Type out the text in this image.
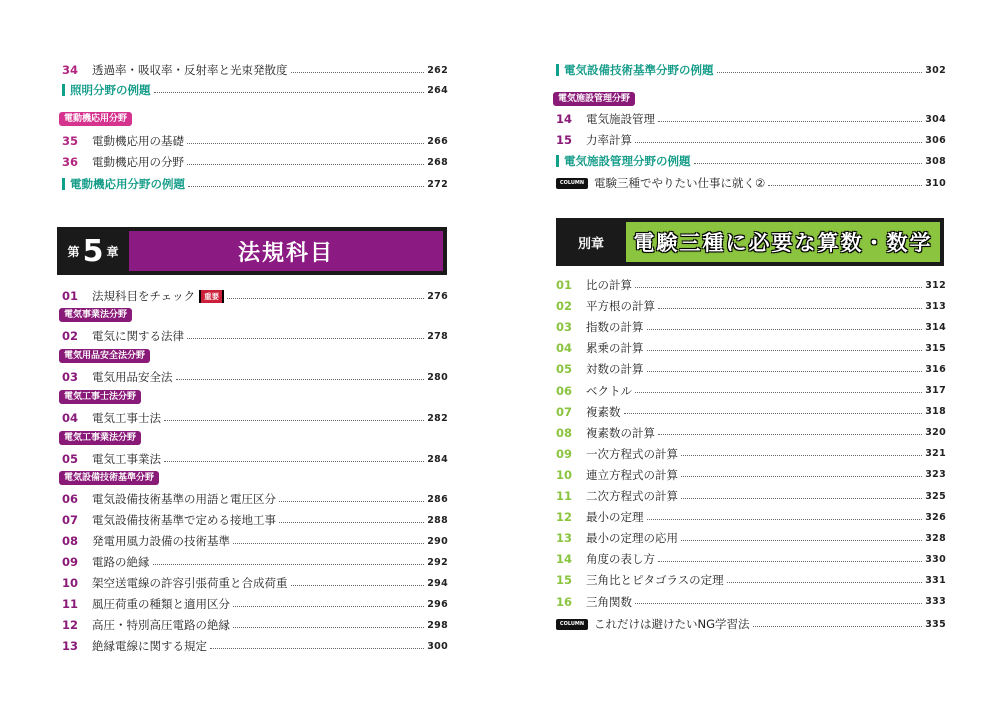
34	透過率・吸収率・反射率と光束発散度	262
照明分野の例題	264
電動機応用分野
35	電動機応用の基礎	266
36	電動機応用の分野	268
電動機応用分野の例題	272
第 5 章	法規科目
01	法規科目をチェック	重要	276
電気事業法分野
02	電気に関する法律	278
電気用品安全法分野
03	電気用品安全法	280
電気工事士法分野
04	電気工事士法	282
電気工事業法分野
05	電気工事業法	284
電気設備技術基準分野
06	電気設備技術基準の用語と電圧区分	286
07	電気設備技術基準で定める接地工事	288
08	発電用風力設備の技術基準	290
09	電路の絶縁	292
10	架空送電線の許容引張荷重と合成荷重	294
11	風圧荷重の種類と適用区分	296
12	高圧・特別高圧電路の絶縁	298
13	絶縁電線に関する規定	300
電気設備技術基準分野の例題	302
電気施設管理分野
14	電気施設管理	304
15	力率計算	306
電気施設管理分野の例題	308
COLUMN 電験三種でやりたい仕事に就く②	310
別章	電験三種に必要な算数・数学
01	比の計算	312
02	平方根の計算	313
03	指数の計算	314
04	累乗の計算	315
05	対数の計算	316
06	ベクトル	317
07	複素数	318
08	複素数の計算	320
09	一次方程式の計算	321
10	連立方程式の計算	323
11	二次方程式の計算	325
12	最小の定理	326
13	最小の定理の応用	328
14	角度の表し方	330
15	三角比とピタゴラスの定理	331
16	三角関数	333
COLUMN これだけは避けたいNG学習法	335
